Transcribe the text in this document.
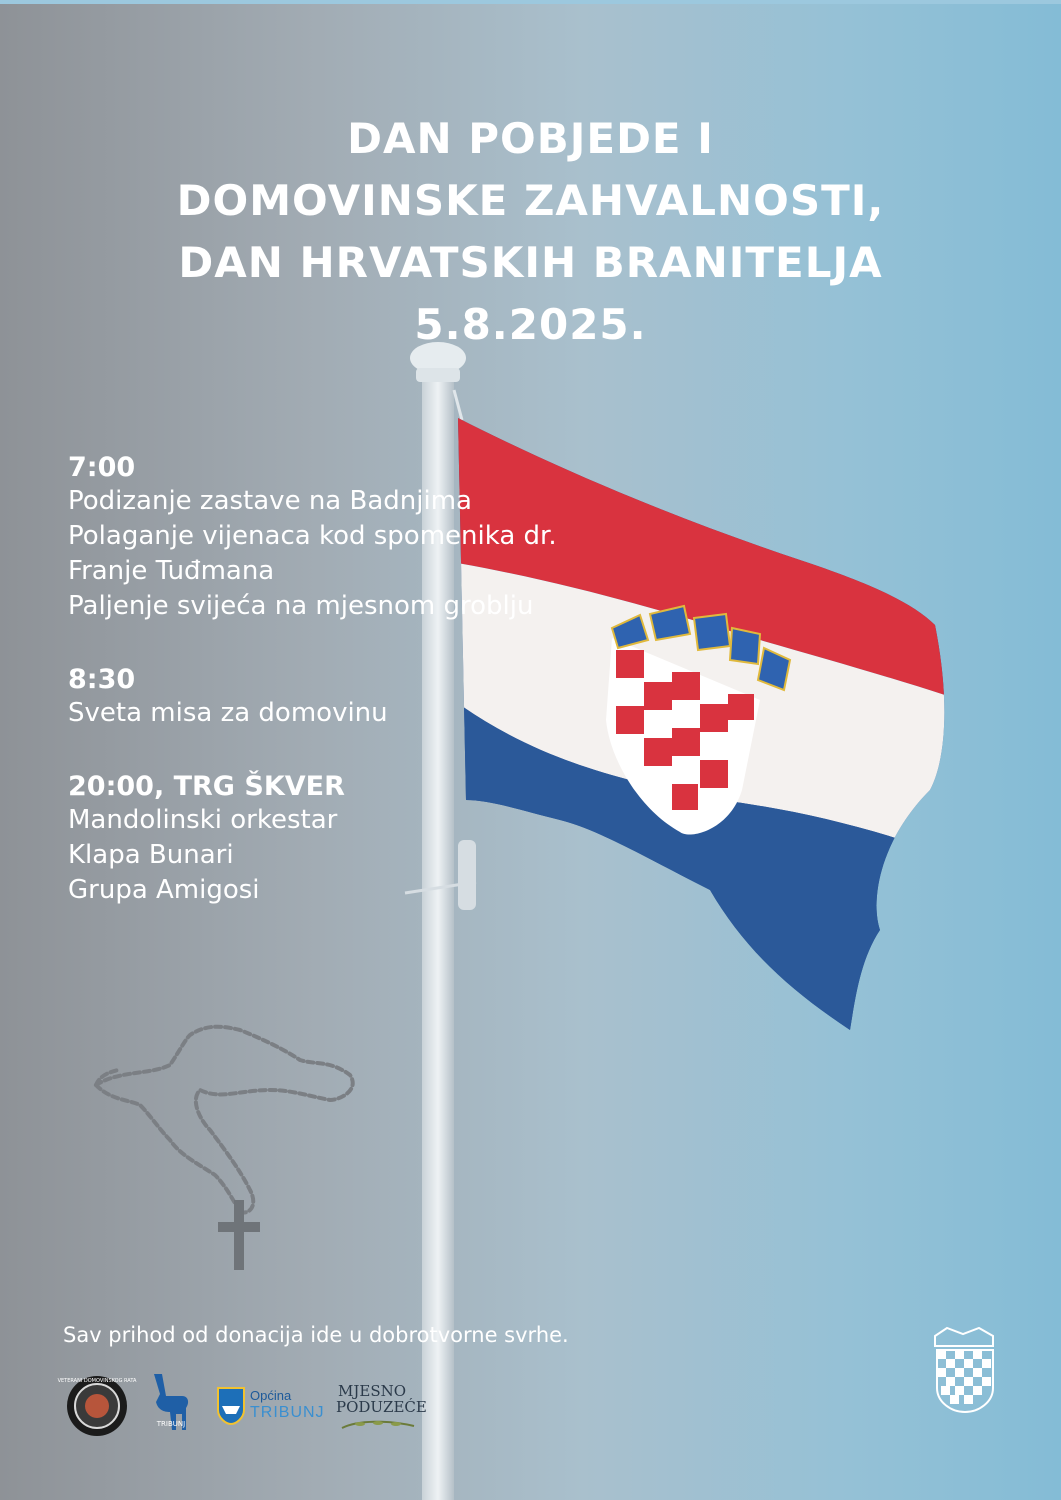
DAN POBJEDE I
DOMOVINSKE ZAHVALNOSTI,
DAN HRVATSKIH BRANITELJA
5.8.2025.
7:00
Podizanje zastave na Badnjima
Polaganje vijenaca kod spomenika dr.
Franje Tuđmana
Paljenje svijeća na mjesnom groblju
8:30
Sveta misa za domovinu
20:00, TRG ŠKVER
Mandolinski orkestar
Klapa Bunari
Grupa Amigosi
Sav prihod od donacija ide u dobrotvorne svrhe.
VETERANI DOMOVINSKOG RATA
TRIBUNJ
Općina
TRIBUNJ
MJESNO
PODUZEĆE
